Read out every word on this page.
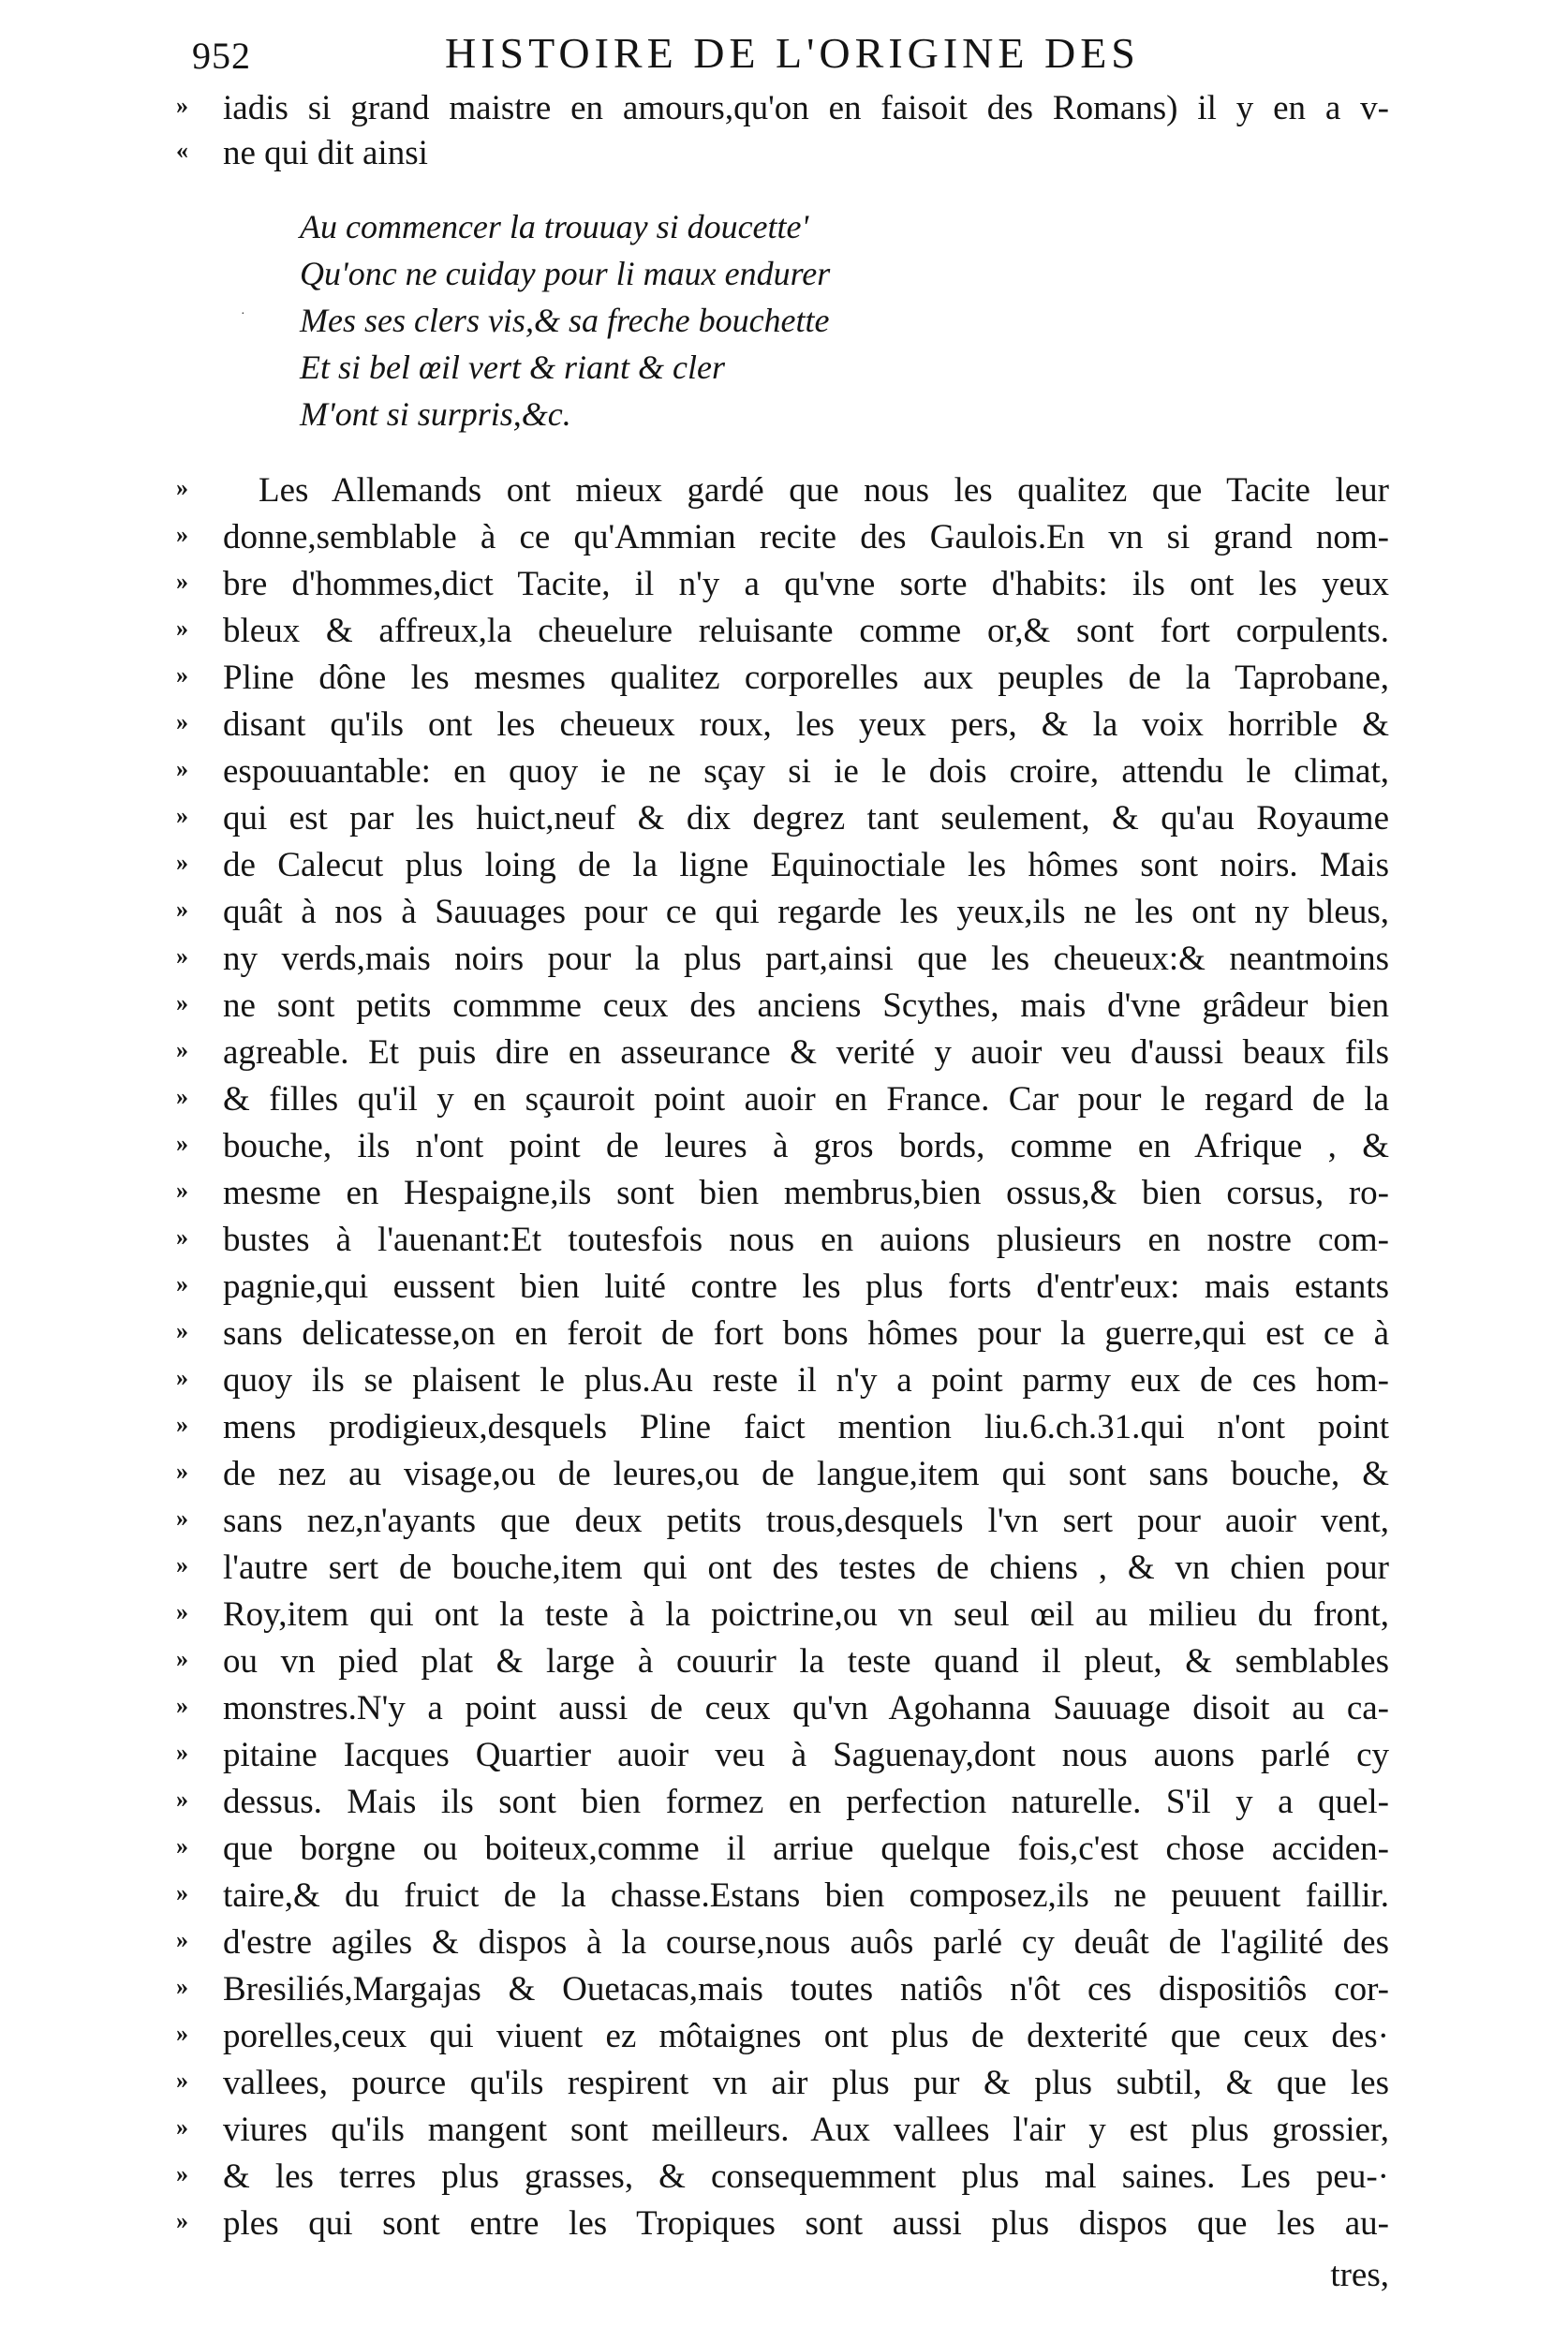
952	HISTOIRE DE L'ORIGINE DES
»	iadis si grand maistre en amours,qu'on en faisoit des Romans) il y en a v-
«	ne qui dit ainsi
Au commencer la trouuay si doucette'
Qu'onc ne cuiday pour li maux endurer
Mes ses clers vis,& sa freche bouchette
Et si bel œil vert & riant & cler
M'ont si surpris,&c.
·
»	Les Allemands ont mieux gardé que nous les qualitez que Tacite leur
»	donne,semblable à ce qu'Ammian recite des Gaulois.En vn si grand nom-
»	bre d'hommes,dict Tacite, il n'y a qu'vne sorte d'habits: ils ont les yeux
»	bleux & affreux,la cheuelure reluisante comme or,& sont fort corpulents.
»	Pline dône les mesmes qualitez corporelles aux peuples de la Taprobane,
»	disant qu'ils ont les cheueux roux, les yeux pers, & la voix horrible &
»	espouuantable: en quoy ie ne sçay si ie le dois croire, attendu le climat,
»	qui est par les huict,neuf & dix degrez tant seulement, & qu'au Royaume
»	de Calecut plus loing de la ligne Equinoctiale les hômes sont noirs. Mais
»	quât à nos à Sauuages pour ce qui regarde les yeux,ils ne les ont ny bleus,
»	ny verds,mais noirs pour la plus part,ainsi que les cheueux:& neantmoins
»	ne sont petits commme ceux des anciens Scythes, mais d'vne grâdeur bien
»	agreable. Et puis dire en asseurance & verité y auoir veu d'aussi beaux fils
»	& filles qu'il y en sçauroit point auoir en France. Car pour le regard de la
»	bouche, ils n'ont point de leures à gros bords, comme en Afrique , &
»	mesme en Hespaigne,ils sont bien membrus,bien ossus,& bien corsus, ro-
»	bustes à l'auenant:Et toutesfois nous en auions plusieurs en nostre com-
»	pagnie,qui eussent bien luité contre les plus forts d'entr'eux: mais estants
»	sans delicatesse,on en feroit de fort bons hômes pour la guerre,qui est ce à
»	quoy ils se plaisent le plus.Au reste il n'y a point parmy eux de ces hom-
»	mens prodigieux,desquels Pline faict mention liu.6.ch.31.qui n'ont point
»	de nez au visage,ou de leures,ou de langue,item qui sont sans bouche, &
»	sans nez,n'ayants que deux petits trous,desquels l'vn sert pour auoir vent,
»	l'autre sert de bouche,item qui ont des testes de chiens , & vn chien pour
»	Roy,item qui ont la teste à la poictrine,ou vn seul œil au milieu du front,
»	ou vn pied plat & large à couurir la teste quand il pleut, & semblables
»	monstres.N'y a point aussi de ceux qu'vn Agohanna Sauuage disoit au ca-
»	pitaine Iacques Quartier auoir veu à Saguenay,dont nous auons parlé cy
»	dessus. Mais ils sont bien formez en perfection naturelle. S'il y a quel-
»	que borgne ou boiteux,comme il arriue quelque fois,c'est chose acciden-
»	taire,& du fruict de la chasse.Estans bien composez,ils ne peuuent faillir.
»	d'estre agiles & dispos à la course,nous auôs parlé cy deuât de l'agilité des
»	Bresiliés,Margajas & Ouetacas,mais toutes natiôs n'ôt ces dispositiôs cor-
»	porelles,ceux qui viuent ez môtaignes ont plus de dexterité que ceux des·
»	vallees, pource qu'ils respirent vn air plus pur & plus subtil, & que les
»	viures qu'ils mangent sont meilleurs. Aux vallees l'air y est plus grossier,
»	& les terres plus grasses, & consequemment plus mal saines. Les peu-·
»	ples qui sont entre les Tropiques sont aussi plus dispos que les au-
tres,
